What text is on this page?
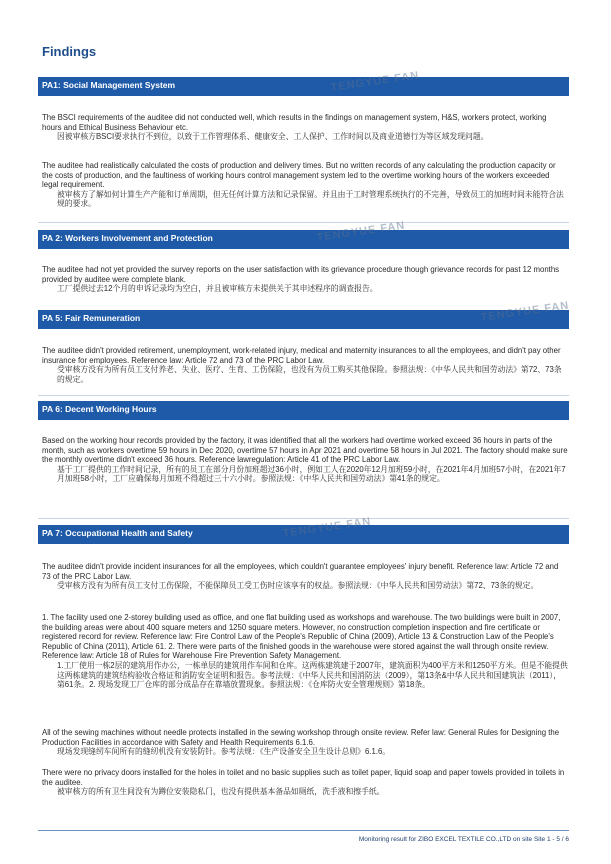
Findings
PA1: Social Management System	TENGYUE FAN

The BSCI requirements of the auditee did not conducted well, which results in the findings on management system, H&S, workers protect, working hours and Ethical Business Behaviour etc.
因被审核方BSCI要求执行不到位，以致于工作管理体系、健康安全、工人保护、工作时间以及商业道德行为等区域发现问题。

The auditee had realistically calculated the costs of production and delivery times. But no written records of any calculating the production capacity or the costs of production, and the faultiness of working hours control management system led to the overtime working hours of the workers exceeded legal requirement.
被审核方了解如何计算生产产能和订单周期，但无任何计算方法和记录保留。并且由于工时管理系统执行的不完善，导致员工的加班时间未能符合法规的要求。

PA 2: Workers Involvement and Protection	TENGYUE FAN

The auditee had not yet provided the survey reports on the user satisfaction with its grievance procedure though grievance records for past 12 months provided by auditee were complete blank.
工厂提供过去12个月的申诉记录均为空白，并且被审核方未提供关于其申述程序的调查报告。

PA 5: Fair Remuneration	TENGYUE FAN

The auditee didn't provided retirement, unemployment, work-related injury, medical and maternity insurances to all the employees, and didn't pay other insurance for employees. Reference law: Article 72 and 73 of the PRC Labor Law.
受审核方没有为所有员工支付养老、失业、医疗、生育、工伤保险，也没有为员工购买其他保险。参照法规：《中华人民共和国劳动法》第72、73条的规定。

PA 6: Decent Working Hours

Based on the working hour records provided by the factory, it was identified that all the workers had overtime worked exceed 36 hours in parts of the month, such as workers overtime 59 hours in Dec 2020, overtime 57 hours in Apr 2021 and overtime 58 hours in Jul 2021. The factory should make sure the monthly overtime didn't exceed 36 hours. Reference lawregulation: Article 41 of the PRC Labor Law.
基于工厂提供的工作时间记录，所有的员工在部分月份加班超过36小时，例如工人在2020年12月加班59小时，在2021年4月加班57小时，在2021年7月加班58小时，工厂应确保每月加班不得超过三十六小时。参照法规：《中华人民共和国劳动法》第41条的规定。

PA 7: Occupational Health and Safety	TENGYUE FAN

The auditee didn't provide incident insurances for all the employees, which couldn't guarantee employees' injury benefit. Reference law: Article 72 and 73 of the PRC Labor Law.
受审核方没有为所有员工支付工伤保险，不能保障员工受工伤时应该享有的权益。参照法规：《中华人民共和国劳动法》第72、73条的规定。

1. The facility used one 2-storey building used as office, and one flat building used as workshops and warehouse. The two buildings were built in 2007, the building areas were about 400 square meters and 1250 square meters. However, no construction completion inspection and fire certificate or registered record for review. Reference law: Fire Control Law of the People's Republic of China (2009), Article 13 & Construction Law of the People's Republic of China (2011), Article 61. 2. There were parts of the finished goods in the warehouse were stored against the wall through onsite review. Reference law: Article 18 of Rules for Warehouse Fire Prevention Safety Management.
1.工厂使用一栋2层的建筑用作办公，一栋单层的建筑用作车间和仓库。这两栋建筑建于2007年，建筑面积为400平方米和1250平方米。但是不能提供这两栋建筑的建筑结构验收合格证和消防安全证明和报告。参考法规：《中华人民共和国消防法（2009），第13条&中华人民共和国建筑法（2011），第61条。2. 现场发现工厂仓库的部分成品存在靠墙放置现象。参照法规：《仓库防火安全管理规则》第18条。

All of the sewing machines without needle protects installed in the sewing workshop through onsite review. Refer law: General Rules for Designing the Production Facilities in accordance with Safety and Health Requirements 6.1.6.
现场发现缝纫车间所有的缝纫机没有安装防针。参考法规：《生产设备安全卫生设计总则》6.1.6。

There were no privacy doors installed for the holes in toilet and no basic supplies such as toilet paper, liquid soap and paper towels provided in toilets in the auditee.
被审核方的所有卫生间没有为蹲位安装隐私门，也没有提供基本备品如厕纸，洗手液和擦手纸。

Monitoring result for ZIBO EXCEL TEXTILE CO.,LTD on site Site 1 - 5 / 6
